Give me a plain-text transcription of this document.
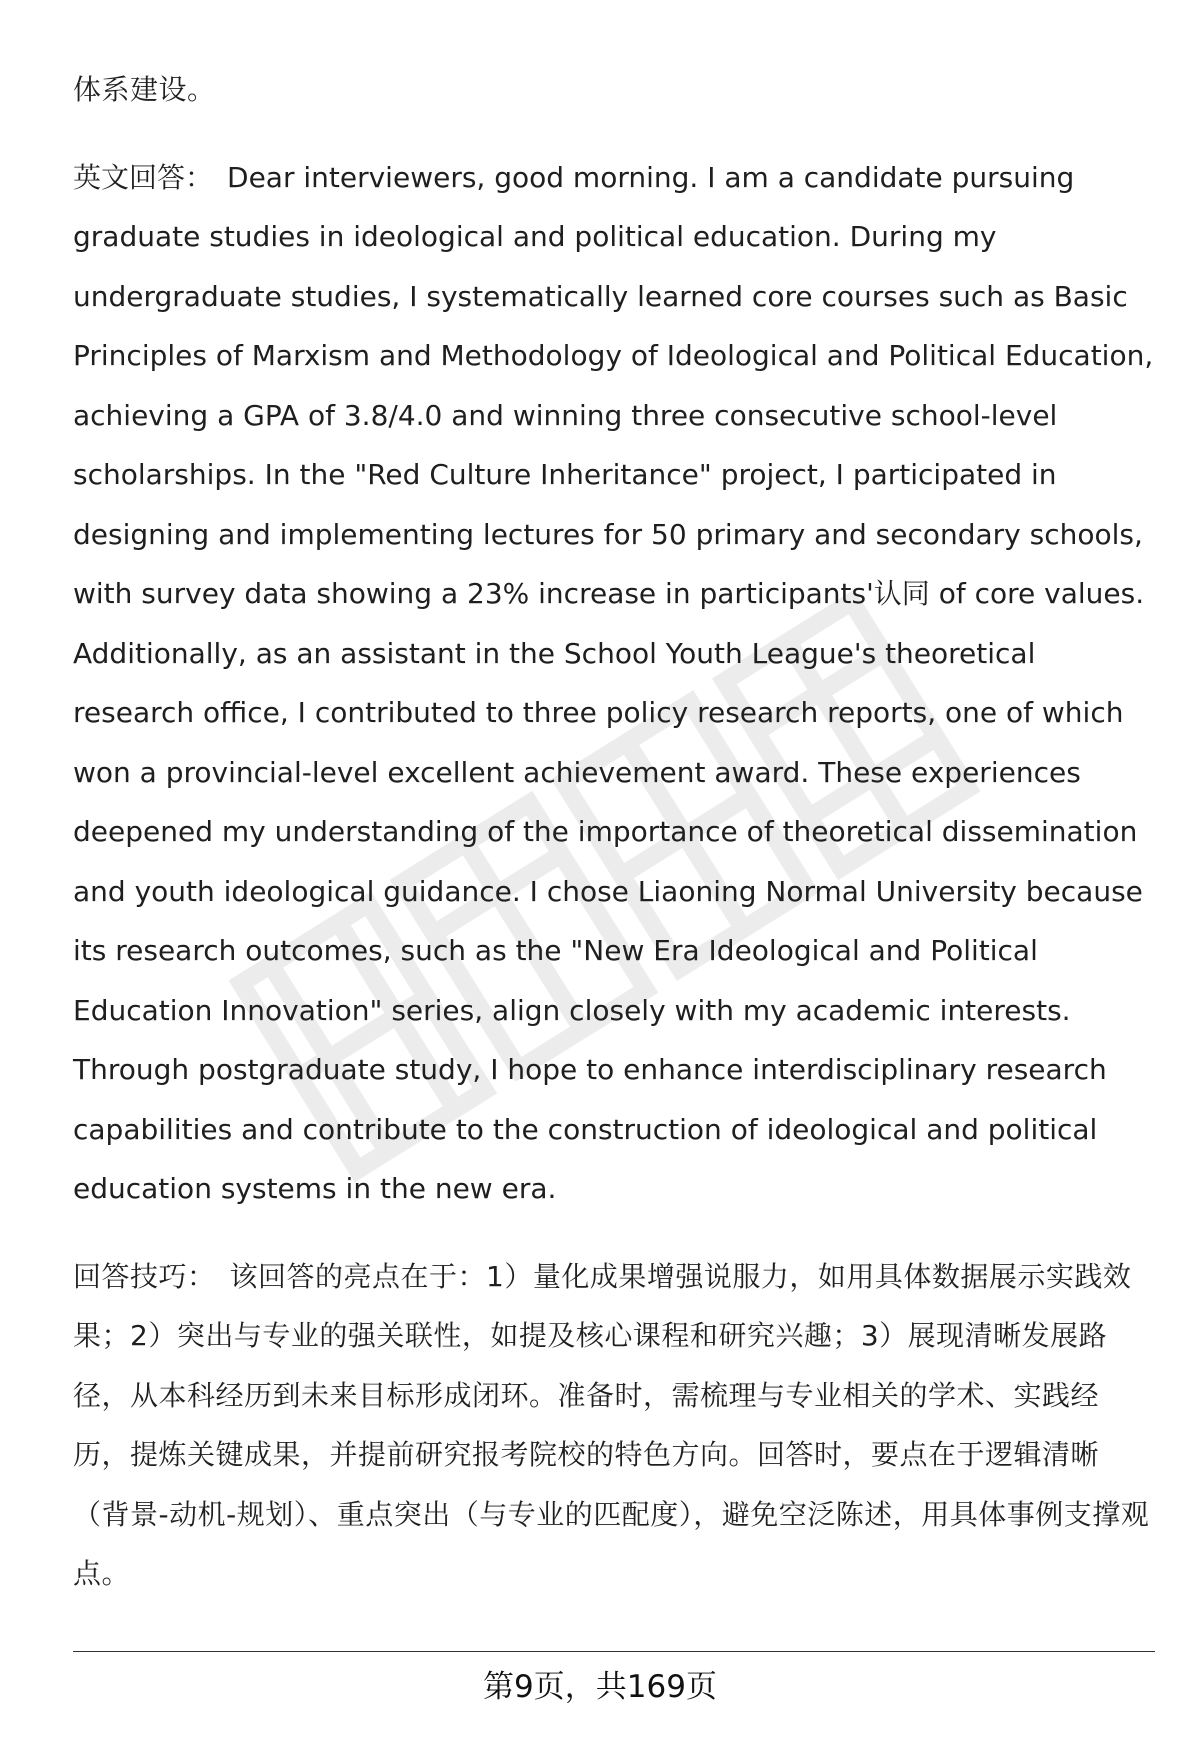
体系建设。

英文回答： Dear interviewers, good morning. I am a candidate pursuing graduate studies in ideological and political education. During my undergraduate studies, I systematically learned core courses such as Basic Principles of Marxism and Methodology of Ideological and Political Education, achieving a GPA of 3.8/4.0 and winning three consecutive school-level scholarships. In the "Red Culture Inheritance" project, I participated in designing and implementing lectures for 50 primary and secondary schools, with survey data showing a 23% increase in participants'认同 of core values. Additionally, as an assistant in the School Youth League's theoretical research office, I contributed to three policy research reports, one of which won a provincial-level excellent achievement award. These experiences deepened my understanding of the importance of theoretical dissemination and youth ideological guidance. I chose Liaoning Normal University because its research outcomes, such as the "New Era Ideological and Political Education Innovation" series, align closely with my academic interests. Through postgraduate study, I hope to enhance interdisciplinary research capabilities and contribute to the construction of ideological and political education systems in the new era.

回答技巧： 该回答的亮点在于：1）量化成果增强说服力，如用具体数据展示实践效果；2）突出与专业的强关联性，如提及核心课程和研究兴趣；3）展现清晰发展路径，从本科经历到未来目标形成闭环。准备时，需梳理与专业相关的学术、实践经历，提炼关键成果，并提前研究报考院校的特色方向。回答时，要点在于逻辑清晰（背景-动机-规划）、重点突出（与专业的匹配度），避免空泛陈述，用具体事例支撑观点。

第9页，共169页
